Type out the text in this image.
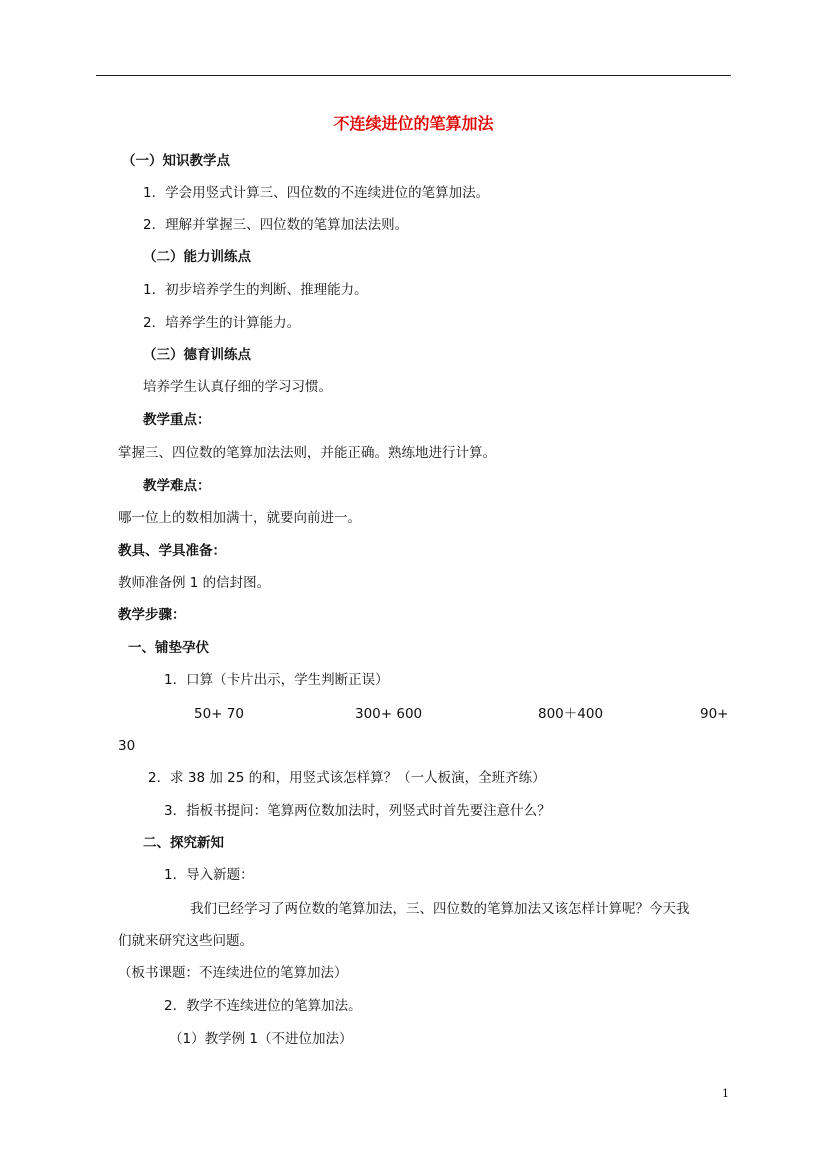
不连续进位的笔算加法
（一）知识教学点
1．学会用竖式计算三、四位数的不连续进位的笔算加法。
2．理解并掌握三、四位数的笔算加法法则。
（二）能力训练点
1．初步培养学生的判断、推理能力。
2．培养学生的计算能力。
（三）德育训练点
培养学生认真仔细的学习习惯。
教学重点：
掌握三、四位数的笔算加法法则，并能正确。熟练地进行计算。
教学难点：
哪一位上的数相加满十，就要向前进一。
教具、学具准备：
教师准备例 1 的信封图。
教学步骤：
一、铺垫孕伏
1．口算（卡片出示，学生判断正误）
50+ 70	300+ 600	800＋400	90+
30
2．求 38 加 25 的和，用竖式该怎样算？（一人板演，全班齐练）
3．指板书提问：笔算两位数加法时，列竖式时首先要注意什么？
二、探究新知
1．导入新题：
我们已经学习了两位数的笔算加法，三、四位数的笔算加法又该怎样计算呢？今天我
们就来研究这些问题。
（板书课题：不连续进位的笔算加法）
2．教学不连续进位的笔算加法。
（1）教学例 1（不进位加法）
1
